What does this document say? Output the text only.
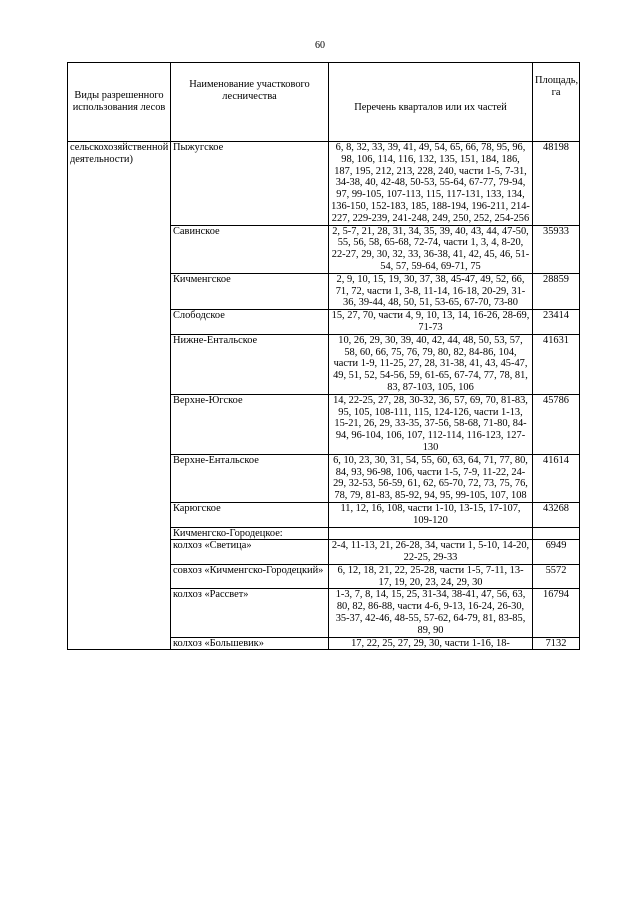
60
Виды разрешенного использования лесов	Наименование участкового лесничества	Перечень кварталов или их частей	Площадь, га
сельскохозяйственной деятельности)	Пыжугское	6, 8, 32, 33, 39, 41, 49, 54, 65, 66, 78, 95, 96, 98, 106, 114, 116, 132, 135, 151, 184, 186, 187, 195, 212, 213, 228, 240, части 1-5, 7-31, 34-38, 40, 42-48, 50-53, 55-64, 67-77, 79-94, 97, 99-105, 107-113, 115, 117-131, 133, 134, 136-150, 152-183, 185, 188-194, 196-211, 214-227, 229-239, 241-248, 249, 250, 252, 254-256	48198
	Савинское	2, 5-7, 21, 28, 31, 34, 35, 39, 40, 43, 44, 47-50, 55, 56, 58, 65-68, 72-74, части 1, 3, 4, 8-20, 22-27, 29, 30, 32, 33, 36-38, 41, 42, 45, 46, 51-54, 57, 59-64, 69-71, 75	35933
	Кичменгское	2, 9, 10, 15, 19, 30, 37, 38, 45-47, 49, 52, 66, 71, 72, части 1, 3-8, 11-14, 16-18, 20-29, 31-36, 39-44, 48, 50, 51, 53-65, 67-70, 73-80	28859
	Слободское	15, 27, 70, части 4, 9, 10, 13, 14, 16-26, 28-69, 71-73	23414
	Нижне-Ентальское	10, 26, 29, 30, 39, 40, 42, 44, 48, 50, 53, 57, 58, 60, 66, 75, 76, 79, 80, 82, 84-86, 104, части 1-9, 11-25, 27, 28, 31-38, 41, 43, 45-47, 49, 51, 52, 54-56, 59, 61-65, 67-74, 77, 78, 81, 83, 87-103, 105, 106	41631
	Верхне-Югское	14, 22-25, 27, 28, 30-32, 36, 57, 69, 70, 81-83, 95, 105, 108-111, 115, 124-126, части 1-13, 15-21, 26, 29, 33-35, 37-56, 58-68, 71-80, 84-94, 96-104, 106, 107, 112-114, 116-123, 127-130	45786
	Верхне-Ентальское	6, 10, 23, 30, 31, 54, 55, 60, 63, 64, 71, 77, 80, 84, 93, 96-98, 106, части 1-5, 7-9, 11-22, 24-29, 32-53, 56-59, 61, 62, 65-70, 72, 73, 75, 76, 78, 79, 81-83, 85-92, 94, 95, 99-105, 107, 108	41614
	Карюгское	11, 12, 16, 108, части 1-10, 13-15, 17-107, 109-120	43268
	Кичменгско-Городецкое:		
	колхоз «Светица»	2-4, 11-13, 21, 26-28, 34, части 1, 5-10, 14-20, 22-25, 29-33	6949
	совхоз «Кичменгско-Городецкий»	6, 12, 18, 21, 22, 25-28, части 1-5, 7-11, 13-17, 19, 20, 23, 24, 29, 30	5572
	колхоз «Рассвет»	1-3, 7, 8, 14, 15, 25, 31-34, 38-41, 47, 56, 63, 80, 82, 86-88, части 4-6, 9-13, 16-24, 26-30, 35-37, 42-46, 48-55, 57-62, 64-79, 81, 83-85, 89, 90	16794
	колхоз «Большевик»	17, 22, 25, 27, 29, 30, части 1-16, 18-	7132
